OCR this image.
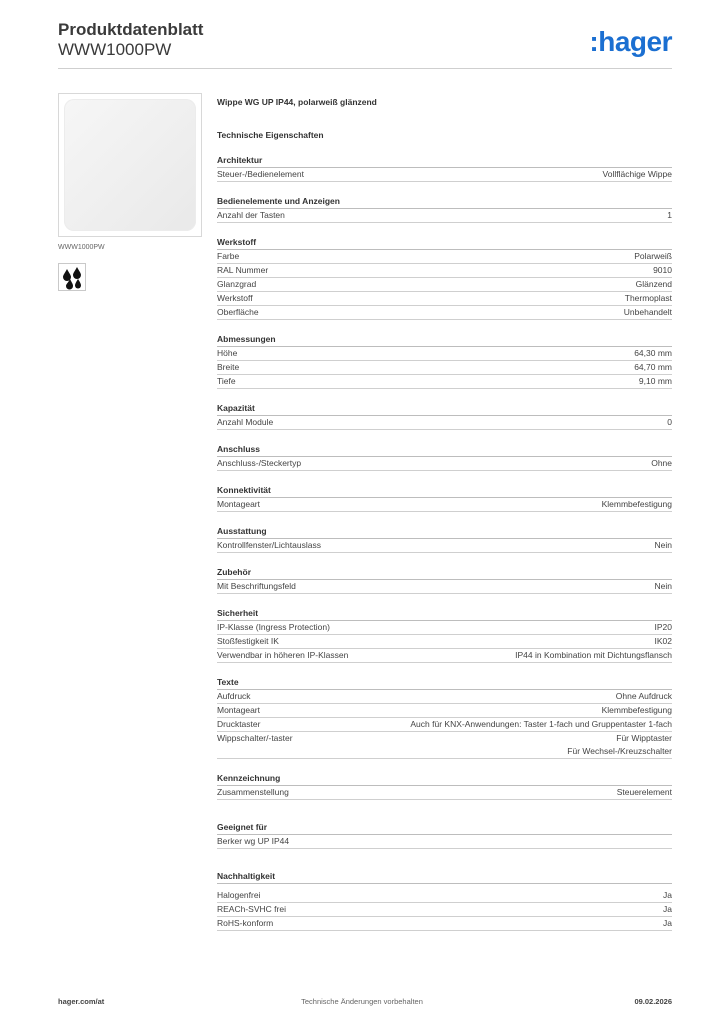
Produktdatenblatt
WWW1000PW	:hager
WWW1000PW
Wippe WG UP IP44, polarweiß glänzend
Technische Eigenschaften
Architektur
Steuer-/Bedienelement	Vollflächige Wippe
Bedienelemente und Anzeigen
Anzahl der Tasten	1
Werkstoff
Farbe	Polarweiß
RAL Nummer	9010
Glanzgrad	Glänzend
Werkstoff	Thermoplast
Oberfläche	Unbehandelt
Abmessungen
Höhe	64,30 mm
Breite	64,70 mm
Tiefe	9,10 mm
Kapazität
Anzahl Module	0
Anschluss
Anschluss-/Steckertyp	Ohne
Konnektivität
Montageart	Klemmbefestigung
Ausstattung
Kontrollfenster/Lichtauslass	Nein
Zubehör
Mit Beschriftungsfeld	Nein
Sicherheit
IP-Klasse (Ingress Protection)	IP20
Stoßfestigkeit IK	IK02
Verwendbar in höheren IP-Klassen	IP44 in Kombination mit Dichtungsflansch
Texte
Aufdruck	Ohne Aufdruck
Montageart	Klemmbefestigung
Drucktaster	Auch für KNX-Anwendungen: Taster 1-fach und Gruppentaster 1-fach
Wippschalter/-taster	Für Wipptaster
Für Wechsel-/Kreuzschalter
Kennzeichnung
Zusammenstellung	Steuerelement
Geeignet für
Berker wg UP IP44
Nachhaltigkeit
Halogenfrei	Ja
REACh-SVHC frei	Ja
RoHS-konform	Ja
hager.com/at	Technische Änderungen vorbehalten	09.02.2026
